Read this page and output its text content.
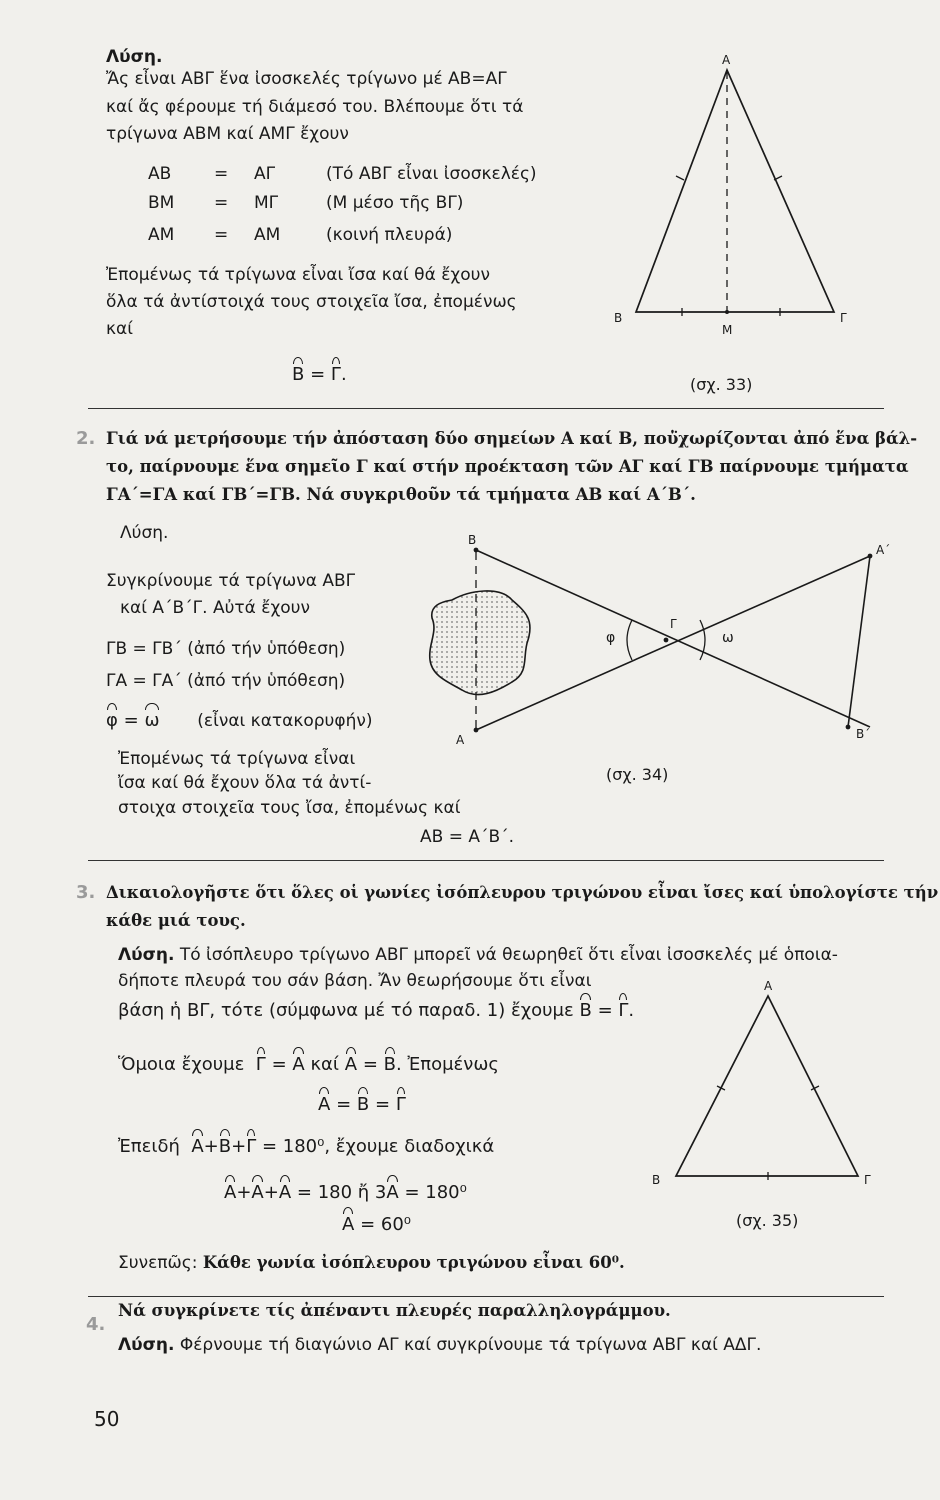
Λύση.
Ἄς εἶναι ΑΒΓ ἕνα ἰσοσκελές τρίγωνο μέ ΑΒ=ΑΓ
καί ἄς φέρουμε τή διάμεσό του. Βλέπουμε ὅτι τά
τρίγωνα ΑΒΜ καί ΑΜΓ ἔχουν
ΑΒ	= ΑΓ	(Τό ΑΒΓ εἶναι ἰσοσκελές)
ΒΜ = ΜΓ	(Μ μέσο τῆς ΒΓ)
ΑΜ = ΑΜ	(κοινή πλευρά)
Ἐπομένως τά τρίγωνα εἶναι ἴσα καί θά ἔχουν
ὅλα τά ἀντίστοιχά τους στοιχεῖα ἴσα, ἐπομένως
καί
Β = Γ.
Α
Β	Γ
Μ
(σχ. 33)
2. Γιά νά μετρήσουμε τήν ἀπόσταση δύο σημείων Α καί Β, ποὐ̈χωρίζονται ἀπό ἕνα βάλ-
το, παίρνουμε ἕνα σημεῖο Γ καί στήν προέκταση τῶν ΑΓ καί ΓΒ παίρνουμε τμήματα
ΓΑ΄=ΓΑ καί ΓΒ΄=ΓΒ. Νά συγκριθοῦν τά τμήματα ΑΒ καί Α΄Β΄.
Λύση.
Συγκρίνουμε τά τρίγωνα ΑΒΓ
καί Α΄Β΄Γ. Αὐτά ἔχουν
ΓΒ = ΓΒ΄ (ἀπό τήν ὑπόθεση)
ΓΑ = ΓΑ΄ (ἀπό τήν ὑπόθεση)
φ = ω (εἶναι κατακορυφήν)
Ἐπομένως τά τρίγωνα εἶναι
ἴσα καί θά ἔχουν ὅλα τά ἀντί-
στοιχα στοιχεῖα τους ἴσα, ἐπομένως καί
ΑΒ = Α΄Β΄.
Β
Α΄
Γ
φ	ω
Α	Β΄
(σχ. 34)
3. Δικαιολογῆστε ὅτι ὅλες οἱ γωνίες ἰσόπλευρου τριγώνου εἶναι ἴσες καί ὑπολογίστε τήν
κάθε μιά τους.
Λύση. Τό ἰσόπλευρο τρίγωνο ΑΒΓ μπορεῖ νά θεωρηθεῖ ὅτι εἶναι ἰσοσκελές μέ ὁποια-
δήποτε πλευρά του σάν βάση. Ἄν θεωρήσουμε ὅτι εἶναι
βάση ἡ ΒΓ, τότε (σύμφωνα μέ τό παραδ. 1) ἔχουμε Β = Γ.
Ὅμοια ἔχουμε Γ = Α καί Α = Β. Ἐπομένως
Α = Β = Γ
Ἐπειδή Α+Β+Γ = 180⁰, ἔχουμε διαδοχικά
Α+Α+Α = 180 ἤ 3Α = 180⁰
Α = 60⁰
Συνεπῶς: Κάθε γωνία ἰσόπλευρου τριγώνου εἶναι 60⁰.
Α
Β	Γ
(σχ. 35)
4.
Νά συγκρίνετε τίς ἀπέναντι πλευρές παραλληλογράμμου.
Λύση. Φέρνουμε τή διαγώνιο ΑΓ καί συγκρίνουμε τά τρίγωνα ΑΒΓ καί ΑΔΓ.
50
